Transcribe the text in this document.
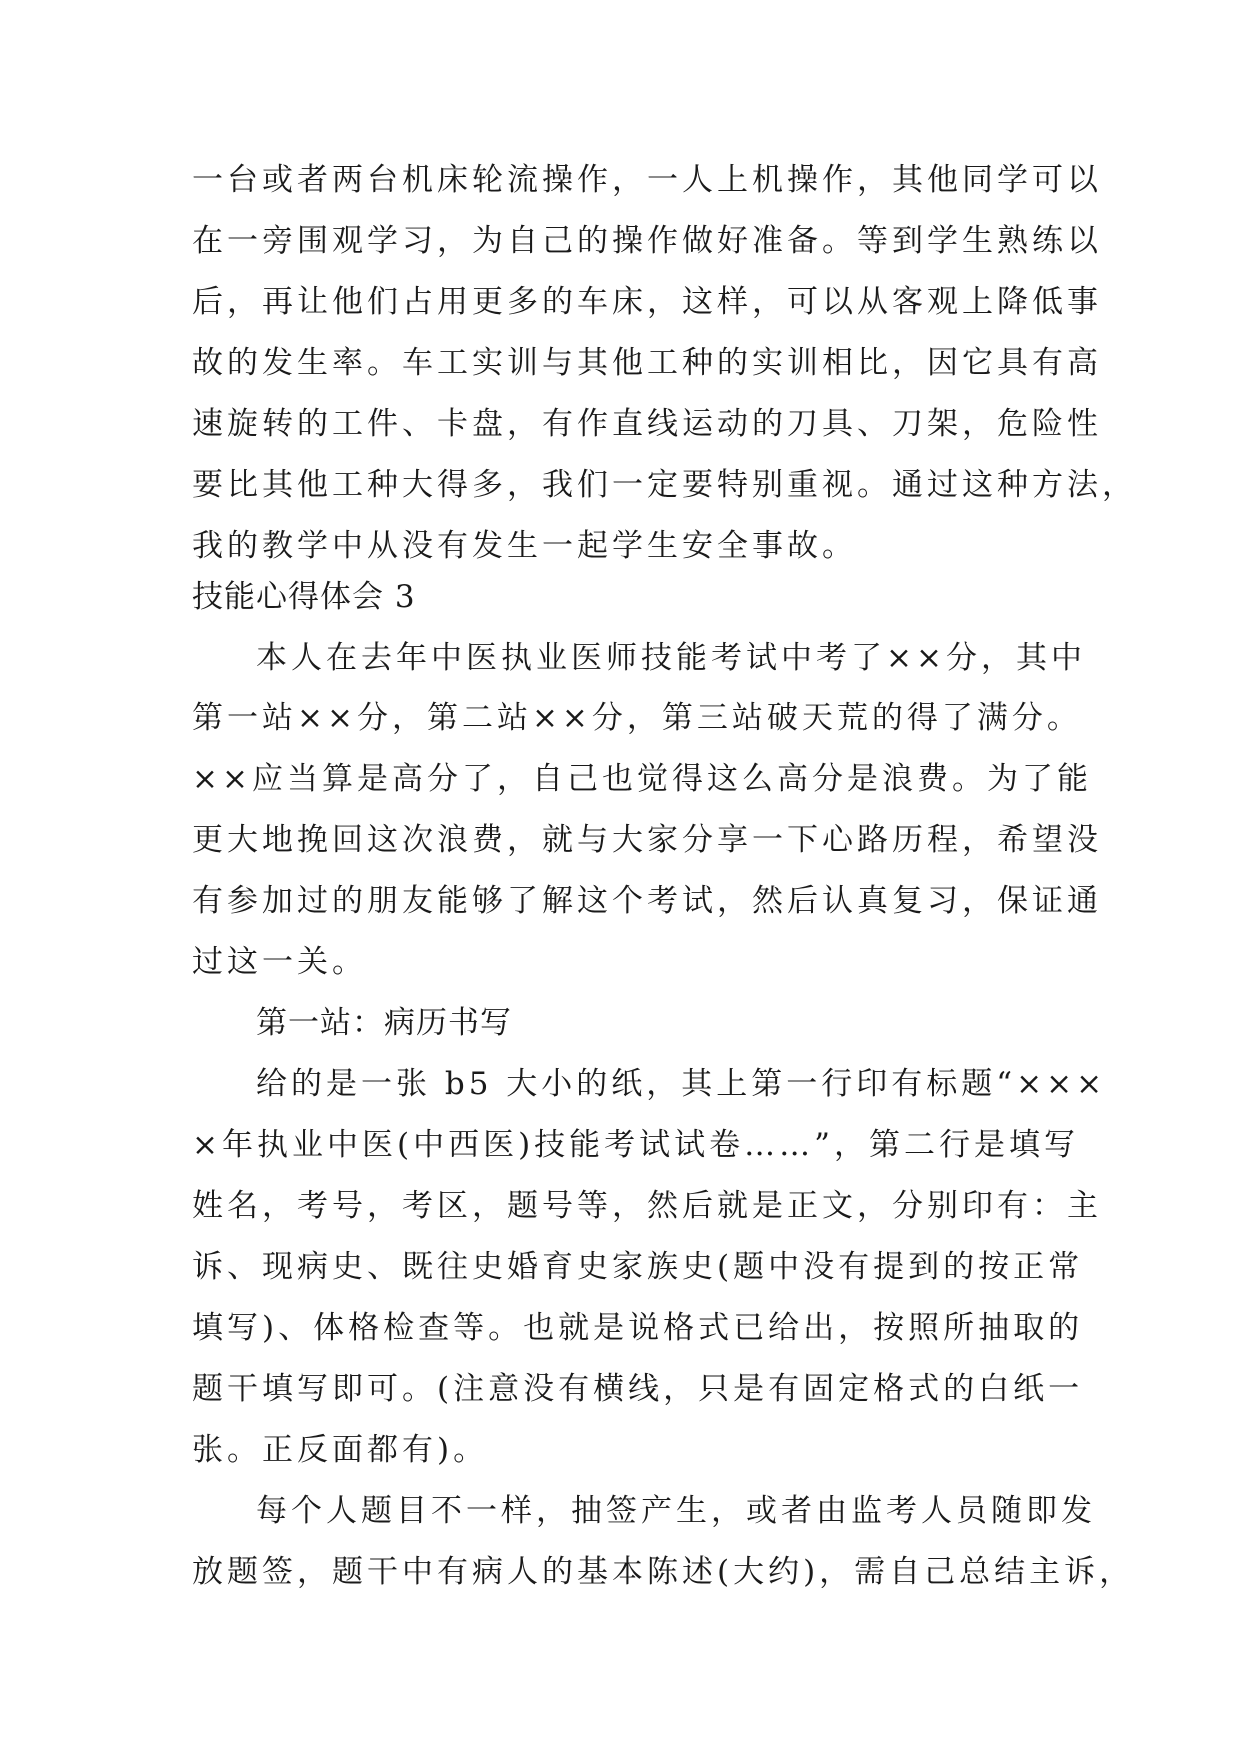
一台或者两台机床轮流操作，一人上机操作，其他同学可以
在一旁围观学习，为自己的操作做好准备。等到学生熟练以
后，再让他们占用更多的车床，这样，可以从客观上降低事
故的发生率。车工实训与其他工种的实训相比，因它具有高
速旋转的工件、卡盘，有作直线运动的刀具、刀架，危险性
要比其他工种大得多，我们一定要特别重视。通过这种方法，
我的教学中从没有发生一起学生安全事故。
技能心得体会 3
本人在去年中医执业医师技能考试中考了××分，其中
第一站××分，第二站××分，第三站破天荒的得了满分。
××应当算是高分了，自己也觉得这么高分是浪费。为了能
更大地挽回这次浪费，就与大家分享一下心路历程，希望没
有参加过的朋友能够了解这个考试，然后认真复习，保证通
过这一关。
第一站：病历书写
给的是一张 b5 大小的纸，其上第一行印有标题“×××
×年执业中医(中西医)技能考试试卷……”，第二行是填写
姓名，考号，考区，题号等，然后就是正文，分别印有：主
诉、现病史、既往史婚育史家族史(题中没有提到的按正常
填写)、体格检查等。也就是说格式已给出，按照所抽取的
题干填写即可。(注意没有横线，只是有固定格式的白纸一
张。正反面都有)。
每个人题目不一样，抽签产生，或者由监考人员随即发
放题签，题干中有病人的基本陈述(大约)，需自己总结主诉，
